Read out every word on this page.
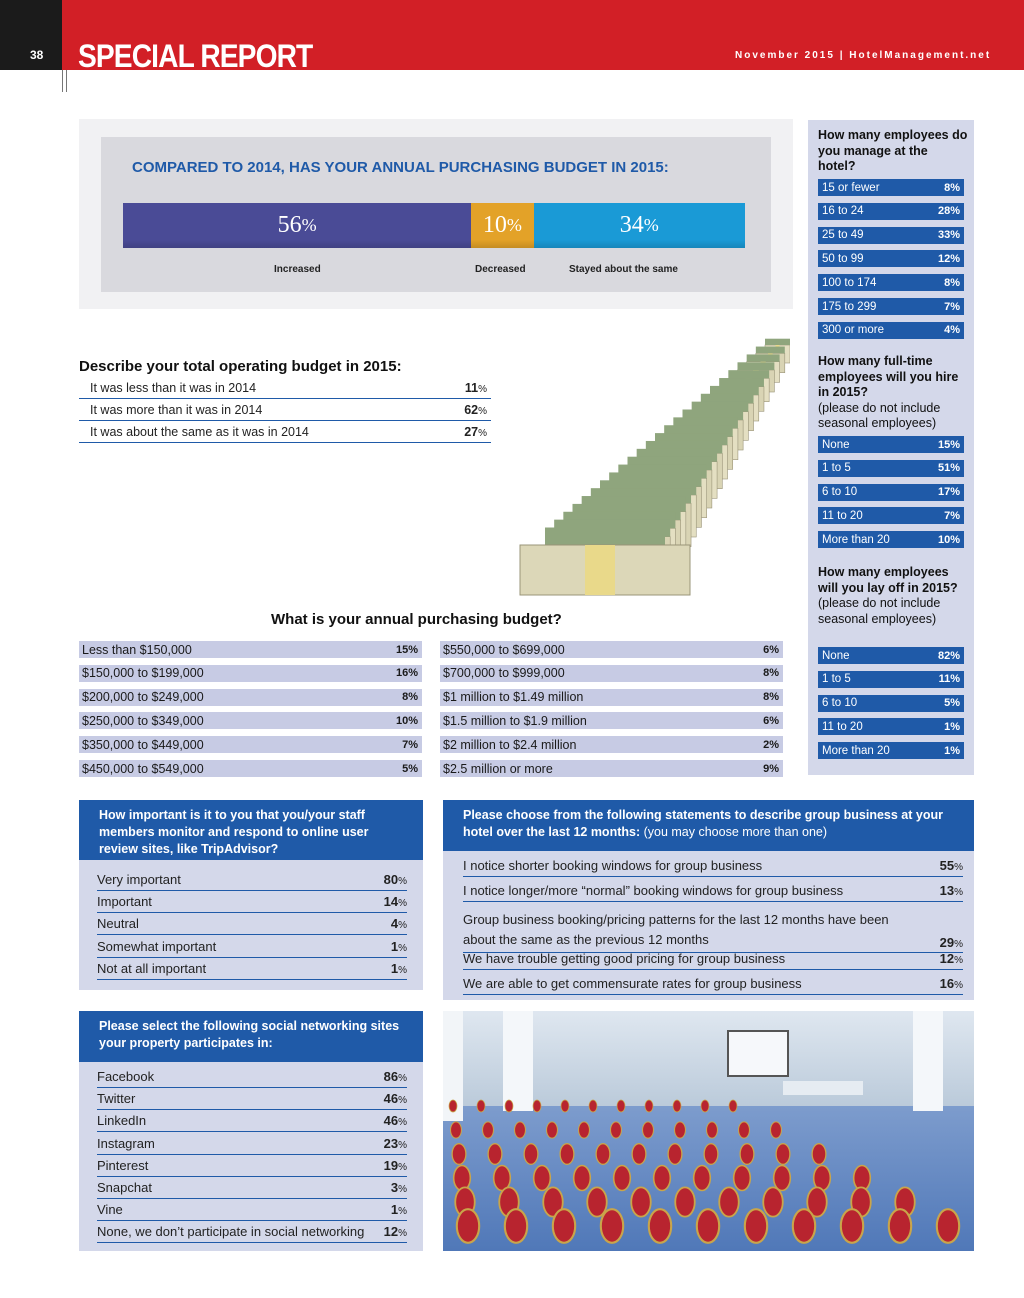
38 SPECIAL REPORT	November 2015 | HotelManagement.net
COMPARED TO 2014, HAS YOUR ANNUAL PURCHASING BUDGET IN 2015:
56 %
Increased
10 %
Decreased
34 %
Stayed about the same
How many employees do you manage at the hotel?
15 or fewer	8%
16 to 24	28%
25 to 49	33%
50 to 99	12%
100 to 174	8%
175 to 299	7%
300 or more	4%
How many full-time employees will you hire in 2015?
(please do not include seasonal employees)
None	15%
1 to 5	51%
6 to 10	17%
11 to 20	7%
More than 20	10%
How many employees will you lay off in 2015?
(please do not include seasonal employees)
None	82%
1 to 5	11%
6 to 10	5%
11 to 20	1%
More than 20	1%
Describe your total operating budget in 2015:
It was less than it was in 2014	11%
It was more than it was in 2014	62%
It was about the same as it was in 2014	27%
What is your annual purchasing budget?
Less than $150,000	15%
$150,000 to $199,000	16%
$200,000 to $249,000	8%
$250,000 to $349,000	10%
$350,000 to $449,000	7%
$450,000 to $549,000	5%
$550,000 to $699,000	6%
$700,000 to $999,000	8%
$1 million to $1.49 million	8%
$1.5 million to $1.9 million	6%
$2 million to $2.4 million	2%
$2.5 million or more	9%
How important is it to you that you/your staff members monitor and respond to online user review sites, like TripAdvisor?
Very important	80%
Important	14%
Neutral	4%
Somewhat important	1%
Not at all important	1%
Please select the following social networking sites your property participates in:
Facebook	86%
Twitter	46%
LinkedIn	46%
Instagram	23%
Pinterest	19%
Snapchat	3%
Vine	1%
None, we don’t participate in social networking 12%
Please choose from the following statements to describe group business at your hotel over the last 12 months: (you may choose more than one)
I notice shorter booking windows for group business	55%
I notice longer/more “normal” booking windows for group business	13%
Group business booking/pricing patterns for the last 12 months have been about the same as the previous 12 months	29%
We have trouble getting good pricing for group business	12%
We are able to get commensurate rates for group business	16%
